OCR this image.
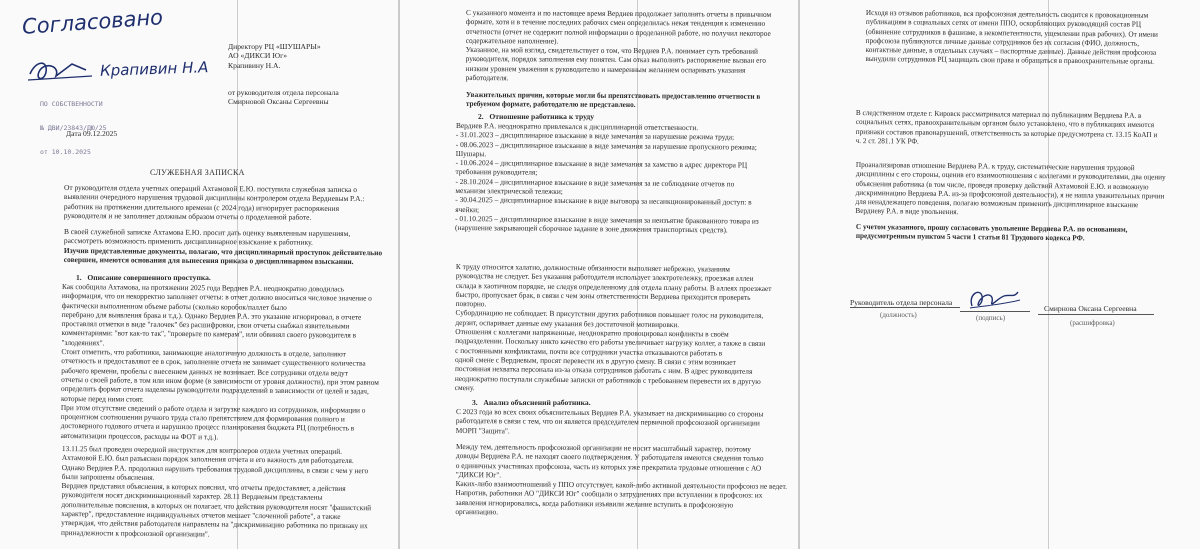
Согласовано
Крапивин Н.А

ПО СОБСТВЕННОСТИ

№ ДВИ/23843/ДЮ/25

от 10.10.2025

Директору РЦ «ШУШАРЫ»
АО «ДИКСИ Юг»
Крапивину Н.А.
от руководителя отдела персонала
Смирновой Оксаны Сергеевны
Дата 09.12.2025
СЛУЖЕБНАЯ ЗАПИСКА
От руководителя отдела учетных операций Ахтамовой Е.Ю. поступила служебная записка о
выявлении очередного нарушения трудовой дисциплины контролером отдела Вердиевым Р.А.:
работник на протяжении длительного времени (с 2024 года) игнорирует распоряжения
руководителя и не заполняет должным образом отчеты о проделанной работе.
В своей служебной записке Ахтамова Е.Ю. просит дать оценку выявленным нарушениям,
рассмотреть возможность применить дисциплинарное взыскание к работнику.
Изучив представленные документы, полагаю, что дисциплинарный проступок действительно
совершен, имеются основания для вынесения приказа о дисциплинарном взыскании.
1.   Описание совершенного проступка.
Как сообщила Ахтамова, на протяжении 2025 года Вердиев Р.А. неоднократно доводилась
информация, что он некорректно заполняет отчеты: в отчет должно вноситься числовое значение о
фактически выполненном объеме работы (сколько коробок/паллет было
перебрано для выявления брака и т.д.). Однако Вердиев Р.А. это указание игнорировал, в отчете
проставлял отметки в виде "галочек" без расшифровки, свои отчеты снабжал язвительными
комментариями: "вот как-то так", "проверьте по камерам", или обвинял своего руководителя в
"злодеяниях".
Стоит отметить, что работники, занимающие аналогичную должность в отделе, заполняют
отчетность и предоставляют ее в срок, заполнение отчета не занимает существенного количества
рабочего времени, пробелы с внесением данных не возникает. Все сотрудники отдела ведут
отчеты о своей работе, в том или ином форме (в зависимости от уровня должности), при этом равном
определить формат отчета наделены руководители подразделений в зависимости от целей и задач,
которые перед ними стоят.
При этом отсутствие сведений о работе отдела и загрузке каждого из сотрудников, информации о
процентном соотношении ручного труда стало препятствием для формирования полного и
достоверного годового отчета и нарушило процесс планирования бюджета РЦ (потребность в
автоматизации процессов, расходы на ФОТ и т.д.).
13.11.25 был проведен очередной инструктаж для контролеров отдела учетных операций.
Ахтамовой Е.Ю. был разъяснен порядок заполнения отчета и его важность для работодателя.
Однако Вердиев Р.А. продолжил нарушать требования трудовой дисциплины, в связи с чем у него
были запрошены объяснения.
Вердиев представил объяснения, в которых пояснил, что отчеты предоставляет, а действия
руководителя носят дискриминационный характер. 28.11 Вердиевым представлены
дополнительные пояснения, в которых он полагает, что действия руководителя носят "фашистский
характер", предоставление индивидуальных отчетов мешает "слоченной работе", а также
утверждая, что действия работодателя направлены на "дискриминацию работника по признаку их
принадлежности к профсоюзной организации".
С указанного момента и по настоящее время Вердиев продолжает заполнять отчеты в привычном
формате, хотя и в течение последних рабочих смен определилась некая тенденция к изменению
отчетности (отчет не содержит полной информации о проделанной работе, но получил некоторое
содержательное наполнение).
Указанное, на мой взгляд, свидетельствует о том, что Вердиев Р.А. понимает суть требований
руководителя, порядок заполнения ему понятен. Сам отказ выполнять распоряжение вызван его
низким уровнем уважения к руководителю и намеренным желанием оспаривать указания
работодателя.
Уважительных причин, которые могли бы препятствовать предоставлению отчетности в
требуемом формате, работодателю не представлено.
2.   Отношение работника к труду
Вердиев Р.А. неоднократно привлекался к дисциплинарной ответственности.
- 31.01.2023 – дисциплинарное взыскание в виде замечания за нарушение режима труда;
- 08.06.2023 – дисциплинарное взыскание в виде замечания за нарушение пропускного режима;
Шушары.
- 10.06.2024 – дисциплинарное взыскание в виде замечания за хамство в адрес директора РЦ
требования руководителя;
- 28.10.2024 – дисциплинарное взыскание в виде замечания за не соблюдение отчетов по
механизм электрической тележки;
- 30.04.2025 – дисциплинарное взыскание в виде выговора за несанкционированный доступ: в
ячейки;
- 01.10.2025 – дисциплинарное взыскание в виде замечания за неизъятие бракованного товара из
(нарушение закрывающей сборочное задание в зоне движения транспортных средств).
К труду относится халатно, должностные обязанности выполняет небрежно, указаниям
руководства не следует. Без указания работодателя использует электротележку, проезжая аллеи
склада в хаотичном порядке, не следуя определенному для отдела плану работы. В аллеях проезжает
быстро, пропускает брак, в связи с чем зоны ответственности Вердиева приходится проверять
повторно.
Субординацию не соблюдает. В присутствии других работников повышает голос на руководителя,
дерзит, оспаривает данные ему указания без достаточной мотивировки.
Отношения с коллегами напряженные, неоднократно провоцировал конфликты в своём
подразделении. Поскольку никто качество его работы увеличивает нагрузку коллег, а также в связи
с постоянными конфликтами, почти все сотрудники участка отказываются работать в
одной смене с Вердиевым, просят перевести их в другую смену. В связи с этим возникает
постоянная нехватка персонала из-за отказа сотрудников работать с ним. В адрес руководителя
неоднократно поступали служебные записки от работников с требованием перевести их в другую
смену.
3.   Анализ объяснений работника.
С 2023 года во всех своих объяснительных Вердиев Р.А. указывает на дискриминацию со стороны
работодателя в связи с тем, что он является председателем первичной профсоюзной организации
МОРП "Защита".
Между тем, деятельность профсоюзной организации не носит масштабный характер, поэтому
доводы Вердиева Р.А. не находят своего подтверждения. У работодателя имеются сведения только
о единичных участниках профсоюза, часть из которых уже прекратила трудовые отношения с АО
"ДИКСИ Юг".
Каких-либо взаимоотношений у ППО отсутствует, какой-либо активной деятельности профсоюз не ведет.
Напротив, работники АО "ДИКСИ Юг" сообщали о затруднениях при вступлении в профсоюз: их
заявления игнорировались, когда работники изъявили желание вступить в профсоюзную
организацию.
Исходя из отзывов работников, вся профсоюзная деятельность сводится к провокационным
публикациям в социальных сетях от имени ППО, оскорбляющих руководящий состав РЦ
(обвинение сотрудников в фашизме, в некомпетентности, ущемлении прав рабочих). От имени
профсоюза публикуются личные данные сотрудников без их согласия (ФИО, должность,
контактные данные, в отдельных случаях – паспортные данные). Данные действия профсоюза
вынудили сотрудников РЦ защищать свои права и обращаться в правоохранительные органы.
В следственном отделе г. Кировск рассматривался материал по публикациям Вердиева Р.А. в
социальных сетях, правоохранительным органом было установлено, что в публикациях имеются
признаки составов правонарушений, ответственность за которые предусмотрена ст. 13.15 КоАП и
ч. 2 ст. 281.1 УК РФ.
Проанализировав отношение Вердиева Р.А. к труду, систематические нарушения трудовой
дисциплины с его стороны, оценив его взаимоотношения с коллегами и руководителями, два оцениу
объяснения работника (в том числе, проведя проверку действий Ахтамовой Е.Ю. и возможную
дискриминацию Вердиева Р.А. из-за профсоюзной деятельности), я не нашла уважительных причин
для ненадлежащего поведения, полагаю возможным применить дисциплинарное взыскание
Вердиеву Р.А. в виде увольнения.
С учетом указанного, прошу согласовать увольнение Вердиева Р.А. по основаниям,
предусмотренным пунктом 5 части 1 статьи 81 Трудового кодекса РФ.
Руководитель отдела персонала
(должность)	(подпись)
Смирнова Оксана Сергеевна
(расшифровка)
